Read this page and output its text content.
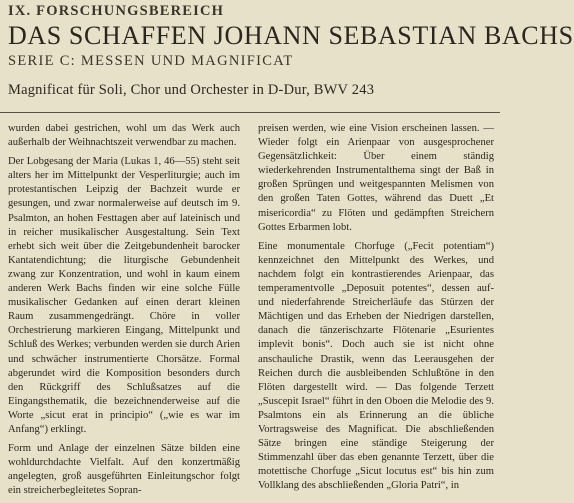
IX. FORSCHUNGSBEREICH
DAS SCHAFFEN JOHANN SEBASTIAN BACHS
SERIE C: MESSEN UND MAGNIFICAT
Magnificat für Soli, Chor und Orchester in D-Dur, BWV 243

wurden dabei gestrichen, wohl um das Werk auch außerhalb der Weihnachtszeit verwendbar zu machen.

Der Lobgesang der Maria (Lukas 1, 46—55) steht seit alters her im Mittelpunkt der Vesperliturgie; auch im protestantischen Leipzig der Bachzeit wurde er gesungen, und zwar normalerweise auf deutsch im 9. Psalmton, an hohen Festtagen aber auf lateinisch und in reicher musikalischer Ausgestaltung. Sein Text erhebt sich weit über die Zeitgebundenheit barocker Kantatendichtung; die liturgische Gebundenheit zwang zur Konzentration, und wohl in kaum einem anderen Werk Bachs finden wir eine solche Fülle musikalischer Gedanken auf einen derart kleinen Raum zusammengedrängt. Chöre in voller Orchestrierung markieren Eingang, Mittelpunkt und Schluß des Werkes; verbunden werden sie durch Arien und schwächer instrumentierte Chorsätze. Formal abgerundet wird die Komposition besonders durch den Rückgriff des Schlußsatzes auf die Eingangsthematik, die bezeichnenderweise auf die Worte „sicut erat in principio“ („wie es war im Anfang“) erklingt.

Form und Anlage der einzelnen Sätze bilden eine wohldurchdachte Vielfalt. Auf den konzertmäßig angelegten, groß ausgeführten Einleitungschor folgt ein streicherbegleitetes Sopran-

preisen werden, wie eine Vision erscheinen lassen. — Wieder folgt ein Arienpaar von ausgesprochener Gegensätzlichkeit: Über einem ständig wiederkehrenden Instrumentalthema singt der Baß in großen Sprüngen und weitgespannten Melismen von den großen Taten Gottes, während das Duett „Et misericordia“ zu Flöten und gedämpften Streichern Gottes Erbarmen lobt.

Eine monumentale Chorfuge („Fecit potentiam“) kennzeichnet den Mittelpunkt des Werkes, und nachdem folgt ein kontrastierendes Arienpaar, das temperamentvolle „Deposuit potentes“, dessen auf- und niederfahrende Streicherläufe das Stürzen der Mächtigen und das Erheben der Niedrigen darstellen, danach die tänzerischzarte Flötenarie „Esurientes implevit bonis“. Doch auch sie ist nicht ohne anschauliche Drastik, wenn das Leerausgehen der Reichen durch die ausbleibenden Schlußtöne in den Flöten dargestellt wird. — Das folgende Terzett „Suscepit Israel“ führt in den Oboen die Melodie des 9. Psalmtons ein als Erinnerung an die übliche Vortragsweise des Magnificat. Die abschließenden Sätze bringen eine ständige Steigerung der Stimmenzahl über das eben genannte Terzett, über die motettische Chorfuge „Sicut locutus est“ bis hin zum Vollklang des abschließenden „Gloria Patri“, in
